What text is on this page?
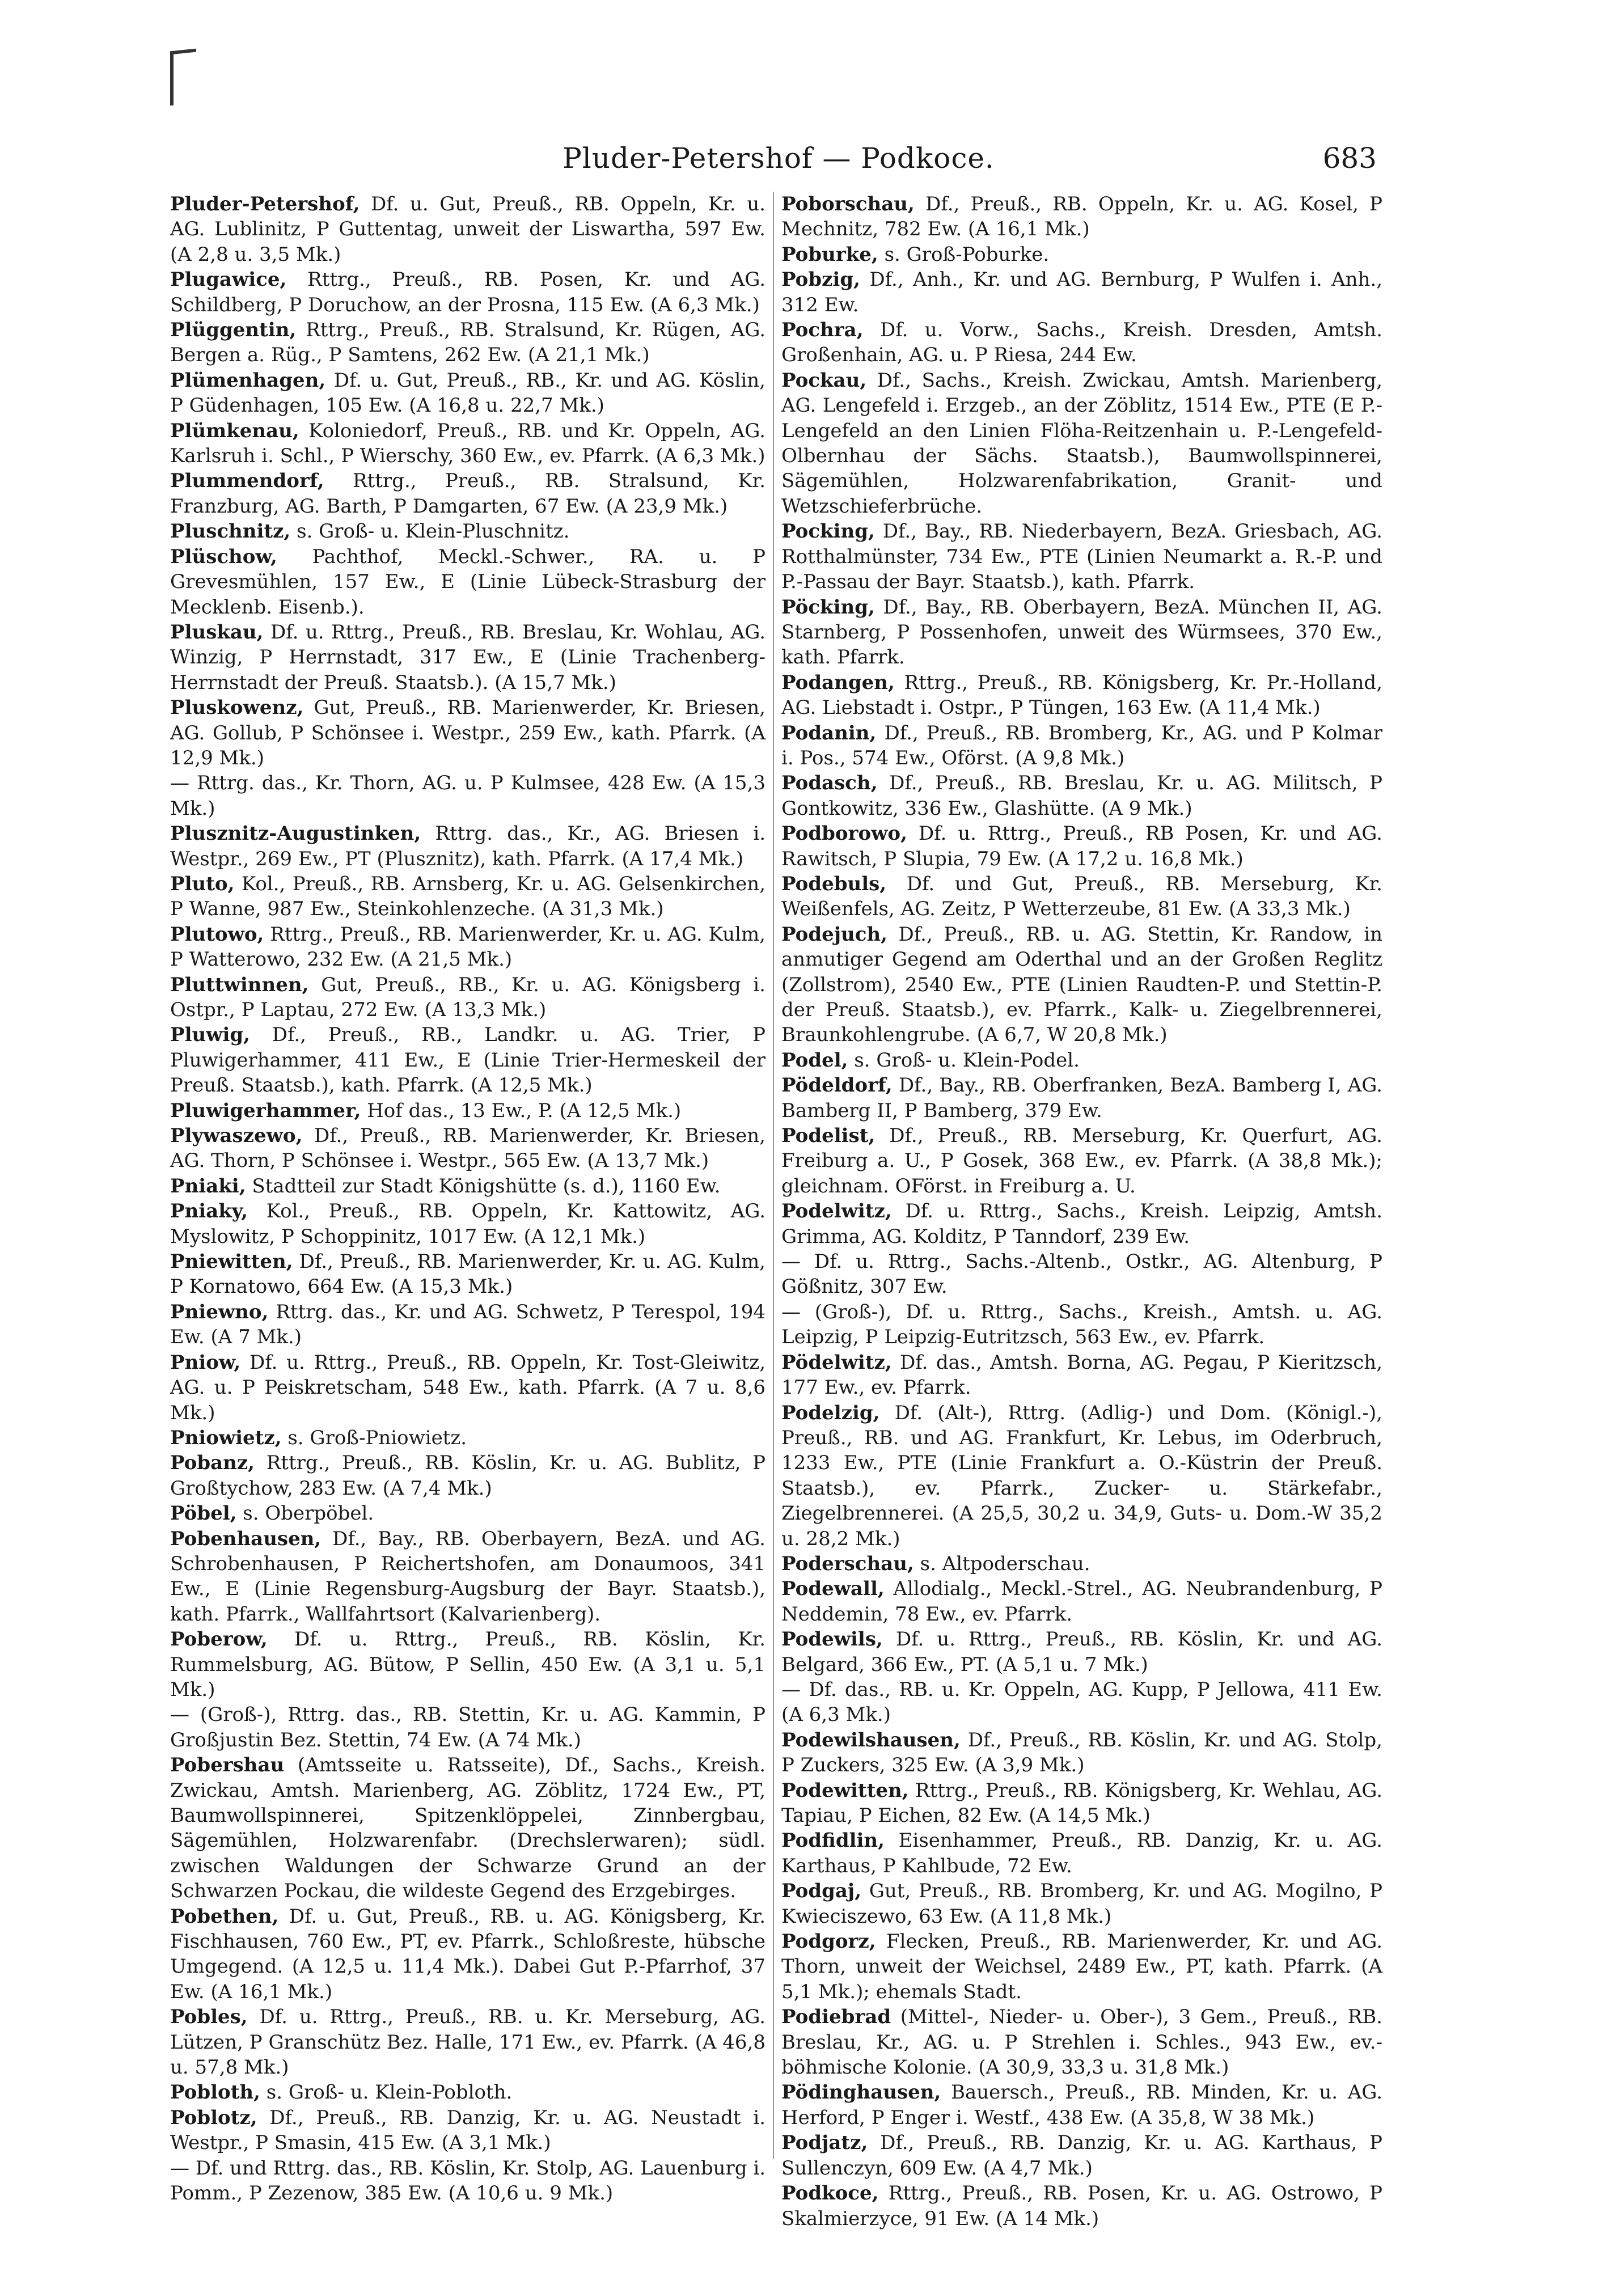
Pluder-Petershof — Podkoce.	683

Pluder-Petershof, Df. u. Gut, Preuß., RB. Oppeln, Kr. u. AG. Lublinitz, P Guttentag, unweit der Liswartha, 597 Ew. (A 2,8 u. 3,5 Mk.)

Plugawice, Rttrg., Preuß., RB. Posen, Kr. und AG. Schildberg, P Doruchow, an der Prosna, 115 Ew. (A 6,3 Mk.)

Plüggentin, Rttrg., Preuß., RB. Stralsund, Kr. Rügen, AG. Bergen a. Rüg., P Samtens, 262 Ew. (A 21,1 Mk.)

Plümenhagen, Df. u. Gut, Preuß., RB., Kr. und AG. Köslin, P Güdenhagen, 105 Ew. (A 16,8 u. 22,7 Mk.)

Plümkenau, Koloniedorf, Preuß., RB. und Kr. Oppeln, AG. Karlsruh i. Schl., P Wierschy, 360 Ew., ev. Pfarrk. (A 6,3 Mk.)

Plummendorf, Rttrg., Preuß., RB. Stralsund, Kr. Franzburg, AG. Barth, P Damgarten, 67 Ew. (A 23,9 Mk.)

Pluschnitz, s. Groß- u. Klein-Pluschnitz.

Plüschow, Pachthof, Meckl.-Schwer., RA. u. P Grevesmühlen, 157 Ew., E (Linie Lübeck-Strasburg der Mecklenb. Eisenb.).

Pluskau, Df. u. Rttrg., Preuß., RB. Breslau, Kr. Wohlau, AG. Winzig, P Herrnstadt, 317 Ew., E (Linie Trachenberg-Herrnstadt der Preuß. Staatsb.). (A 15,7 Mk.)

Pluskowenz, Gut, Preuß., RB. Marienwerder, Kr. Briesen, AG. Gollub, P Schönsee i. Westpr., 259 Ew., kath. Pfarrk. (A 12,9 Mk.)

— Rttrg. das., Kr. Thorn, AG. u. P Kulmsee, 428 Ew. (A 15,3 Mk.)

Plusznitz-Augustinken, Rttrg. das., Kr., AG. Briesen i. Westpr., 269 Ew., PT (Plusznitz), kath. Pfarrk. (A 17,4 Mk.)

Pluto, Kol., Preuß., RB. Arnsberg, Kr. u. AG. Gelsenkirchen, P Wanne, 987 Ew., Steinkohlenzeche. (A 31,3 Mk.)

Plutowo, Rttrg., Preuß., RB. Marienwerder, Kr. u. AG. Kulm, P Watterowo, 232 Ew. (A 21,5 Mk.)

Pluttwinnen, Gut, Preuß., RB., Kr. u. AG. Königsberg i. Ostpr., P Laptau, 272 Ew. (A 13,3 Mk.)

Pluwig, Df., Preuß., RB., Landkr. u. AG. Trier, P Pluwigerhammer, 411 Ew., E (Linie Trier-Hermeskeil der Preuß. Staatsb.), kath. Pfarrk. (A 12,5 Mk.)

Pluwigerhammer, Hof das., 13 Ew., P. (A 12,5 Mk.)

Plywaszewo, Df., Preuß., RB. Marienwerder, Kr. Briesen, AG. Thorn, P Schönsee i. Westpr., 565 Ew. (A 13,7 Mk.)

Pniaki, Stadtteil zur Stadt Königshütte (s. d.), 1160 Ew.

Pniaky, Kol., Preuß., RB. Oppeln, Kr. Kattowitz, AG. Myslowitz, P Schoppinitz, 1017 Ew. (A 12,1 Mk.)

Pniewitten, Df., Preuß., RB. Marienwerder, Kr. u. AG. Kulm, P Kornatowo, 664 Ew. (A 15,3 Mk.)

Pniewno, Rttrg. das., Kr. und AG. Schwetz, P Terespol, 194 Ew. (A 7 Mk.)

Pniow, Df. u. Rttrg., Preuß., RB. Oppeln, Kr. Tost-Gleiwitz, AG. u. P Peiskretscham, 548 Ew., kath. Pfarrk. (A 7 u. 8,6 Mk.)

Pniowietz, s. Groß-Pniowietz.

Pobanz, Rttrg., Preuß., RB. Köslin, Kr. u. AG. Bublitz, P Großtychow, 283 Ew. (A 7,4 Mk.)

Pöbel, s. Oberpöbel.

Pobenhausen, Df., Bay., RB. Oberbayern, BezA. und AG. Schrobenhausen, P Reichertshofen, am Donaumoos, 341 Ew., E (Linie Regensburg-Augsburg der Bayr. Staatsb.), kath. Pfarrk., Wallfahrtsort (Kalvarienberg).

Poberow, Df. u. Rttrg., Preuß., RB. Köslin, Kr. Rummelsburg, AG. Bütow, P Sellin, 450 Ew. (A 3,1 u. 5,1 Mk.)

— (Groß-), Rttrg. das., RB. Stettin, Kr. u. AG. Kammin, P Großjustin Bez. Stettin, 74 Ew. (A 74 Mk.)

Pobershau (Amtsseite u. Ratsseite), Df., Sachs., Kreish. Zwickau, Amtsh. Marienberg, AG. Zöblitz, 1724 Ew., PT, Baumwollspinnerei, Spitzenklöppelei, Zinnbergbau, Sägemühlen, Holzwarenfabr. (Drechslerwaren); südl. zwischen Waldungen der Schwarze Grund an der Schwarzen Pockau, die wildeste Gegend des Erzgebirges.

Pobethen, Df. u. Gut, Preuß., RB. u. AG. Königsberg, Kr. Fischhausen, 760 Ew., PT, ev. Pfarrk., Schloßreste, hübsche Umgegend. (A 12,5 u. 11,4 Mk.). Dabei Gut P.-Pfarrhof, 37 Ew. (A 16,1 Mk.)

Pobles, Df. u. Rttrg., Preuß., RB. u. Kr. Merseburg, AG. Lützen, P Granschütz Bez. Halle, 171 Ew., ev. Pfarrk. (A 46,8 u. 57,8 Mk.)

Pobloth, s. Groß- u. Klein-Pobloth.

Poblotz, Df., Preuß., RB. Danzig, Kr. u. AG. Neustadt i. Westpr., P Smasin, 415 Ew. (A 3,1 Mk.)

— Df. und Rttrg. das., RB. Köslin, Kr. Stolp, AG. Lauenburg i. Pomm., P Zezenow, 385 Ew. (A 10,6 u. 9 Mk.)

Poborschau, Df., Preuß., RB. Oppeln, Kr. u. AG. Kosel, P Mechnitz, 782 Ew. (A 16,1 Mk.)

Poburke, s. Groß-Poburke.

Pobzig, Df., Anh., Kr. und AG. Bernburg, P Wulfen i. Anh., 312 Ew.

Pochra, Df. u. Vorw., Sachs., Kreish. Dresden, Amtsh. Großenhain, AG. u. P Riesa, 244 Ew.

Pockau, Df., Sachs., Kreish. Zwickau, Amtsh. Marienberg, AG. Lengefeld i. Erzgeb., an der Zöblitz, 1514 Ew., PTE (E P.-Lengefeld an den Linien Flöha-Reitzenhain u. P.-Lengefeld-Olbernhau der Sächs. Staatsb.), Baumwollspinnerei, Sägemühlen, Holzwarenfabrikation, Granit- und Wetzschieferbrüche.

Pocking, Df., Bay., RB. Niederbayern, BezA. Griesbach, AG. Rotthalmünster, 734 Ew., PTE (Linien Neumarkt a. R.-P. und P.-Passau der Bayr. Staatsb.), kath. Pfarrk.

Pöcking, Df., Bay., RB. Oberbayern, BezA. München II, AG. Starnberg, P Possenhofen, unweit des Würmsees, 370 Ew., kath. Pfarrk.

Podangen, Rttrg., Preuß., RB. Königsberg, Kr. Pr.-Holland, AG. Liebstadt i. Ostpr., P Tüngen, 163 Ew. (A 11,4 Mk.)

Podanin, Df., Preuß., RB. Bromberg, Kr., AG. und P Kolmar i. Pos., 574 Ew., Oförst. (A 9,8 Mk.)

Podasch, Df., Preuß., RB. Breslau, Kr. u. AG. Militsch, P Gontkowitz, 336 Ew., Glashütte. (A 9 Mk.)

Podborowo, Df. u. Rttrg., Preuß., RB Posen, Kr. und AG. Rawitsch, P Slupia, 79 Ew. (A 17,2 u. 16,8 Mk.)

Podebuls, Df. und Gut, Preuß., RB. Merseburg, Kr. Weißenfels, AG. Zeitz, P Wetterzeube, 81 Ew. (A 33,3 Mk.)

Podejuch, Df., Preuß., RB. u. AG. Stettin, Kr. Randow, in anmutiger Gegend am Oderthal und an der Großen Reglitz (Zollstrom), 2540 Ew., PTE (Linien Raudten-P. und Stettin-P. der Preuß. Staatsb.), ev. Pfarrk., Kalk- u. Ziegelbrennerei, Braunkohlengrube. (A 6,7, W 20,8 Mk.)

Podel, s. Groß- u. Klein-Podel.

Pödeldorf, Df., Bay., RB. Oberfranken, BezA. Bamberg I, AG. Bamberg II, P Bamberg, 379 Ew.

Podelist, Df., Preuß., RB. Merseburg, Kr. Querfurt, AG. Freiburg a. U., P Gosek, 368 Ew., ev. Pfarrk. (A 38,8 Mk.); gleichnam. OFörst. in Freiburg a. U.

Podelwitz, Df. u. Rttrg., Sachs., Kreish. Leipzig, Amtsh. Grimma, AG. Kolditz, P Tanndorf, 239 Ew.

— Df. u. Rttrg., Sachs.-Altenb., Ostkr., AG. Altenburg, P Gößnitz, 307 Ew.

— (Groß-), Df. u. Rttrg., Sachs., Kreish., Amtsh. u. AG. Leipzig, P Leipzig-Eutritzsch, 563 Ew., ev. Pfarrk.

Pödelwitz, Df. das., Amtsh. Borna, AG. Pegau, P Kieritzsch, 177 Ew., ev. Pfarrk.

Podelzig, Df. (Alt-), Rttrg. (Adlig-) und Dom. (Königl.-), Preuß., RB. und AG. Frankfurt, Kr. Lebus, im Oderbruch, 1233 Ew., PTE (Linie Frankfurt a. O.-Küstrin der Preuß. Staatsb.), ev. Pfarrk., Zucker- u. Stärkefabr., Ziegelbrennerei. (A 25,5, 30,2 u. 34,9, Guts- u. Dom.-W 35,2 u. 28,2 Mk.)

Poderschau, s. Altpoderschau.

Podewall, Allodialg., Meckl.-Strel., AG. Neubrandenburg, P Neddemin, 78 Ew., ev. Pfarrk.

Podewils, Df. u. Rttrg., Preuß., RB. Köslin, Kr. und AG. Belgard, 366 Ew., PT. (A 5,1 u. 7 Mk.)

— Df. das., RB. u. Kr. Oppeln, AG. Kupp, P Jellowa, 411 Ew. (A 6,3 Mk.)

Podewilshausen, Df., Preuß., RB. Köslin, Kr. und AG. Stolp, P Zuckers, 325 Ew. (A 3,9 Mk.)

Podewitten, Rttrg., Preuß., RB. Königsberg, Kr. Wehlau, AG. Tapiau, P Eichen, 82 Ew. (A 14,5 Mk.)

Podfidlin, Eisenhammer, Preuß., RB. Danzig, Kr. u. AG. Karthaus, P Kahlbude, 72 Ew.

Podgaj, Gut, Preuß., RB. Bromberg, Kr. und AG. Mogilno, P Kwieciszewo, 63 Ew. (A 11,8 Mk.)

Podgorz, Flecken, Preuß., RB. Marienwerder, Kr. und AG. Thorn, unweit der Weichsel, 2489 Ew., PT, kath. Pfarrk. (A 5,1 Mk.); ehemals Stadt.

Podiebrad (Mittel-, Nieder- u. Ober-), 3 Gem., Preuß., RB. Breslau, Kr., AG. u. P Strehlen i. Schles., 943 Ew., ev.-böhmische Kolonie. (A 30,9, 33,3 u. 31,8 Mk.)

Pödinghausen, Bauersch., Preuß., RB. Minden, Kr. u. AG. Herford, P Enger i. Westf., 438 Ew. (A 35,8, W 38 Mk.)

Podjatz, Df., Preuß., RB. Danzig, Kr. u. AG. Karthaus, P Sullenczyn, 609 Ew. (A 4,7 Mk.)

Podkoce, Rttrg., Preuß., RB. Posen, Kr. u. AG. Ostrowo, P Skalmierzyce, 91 Ew. (A 14 Mk.)
